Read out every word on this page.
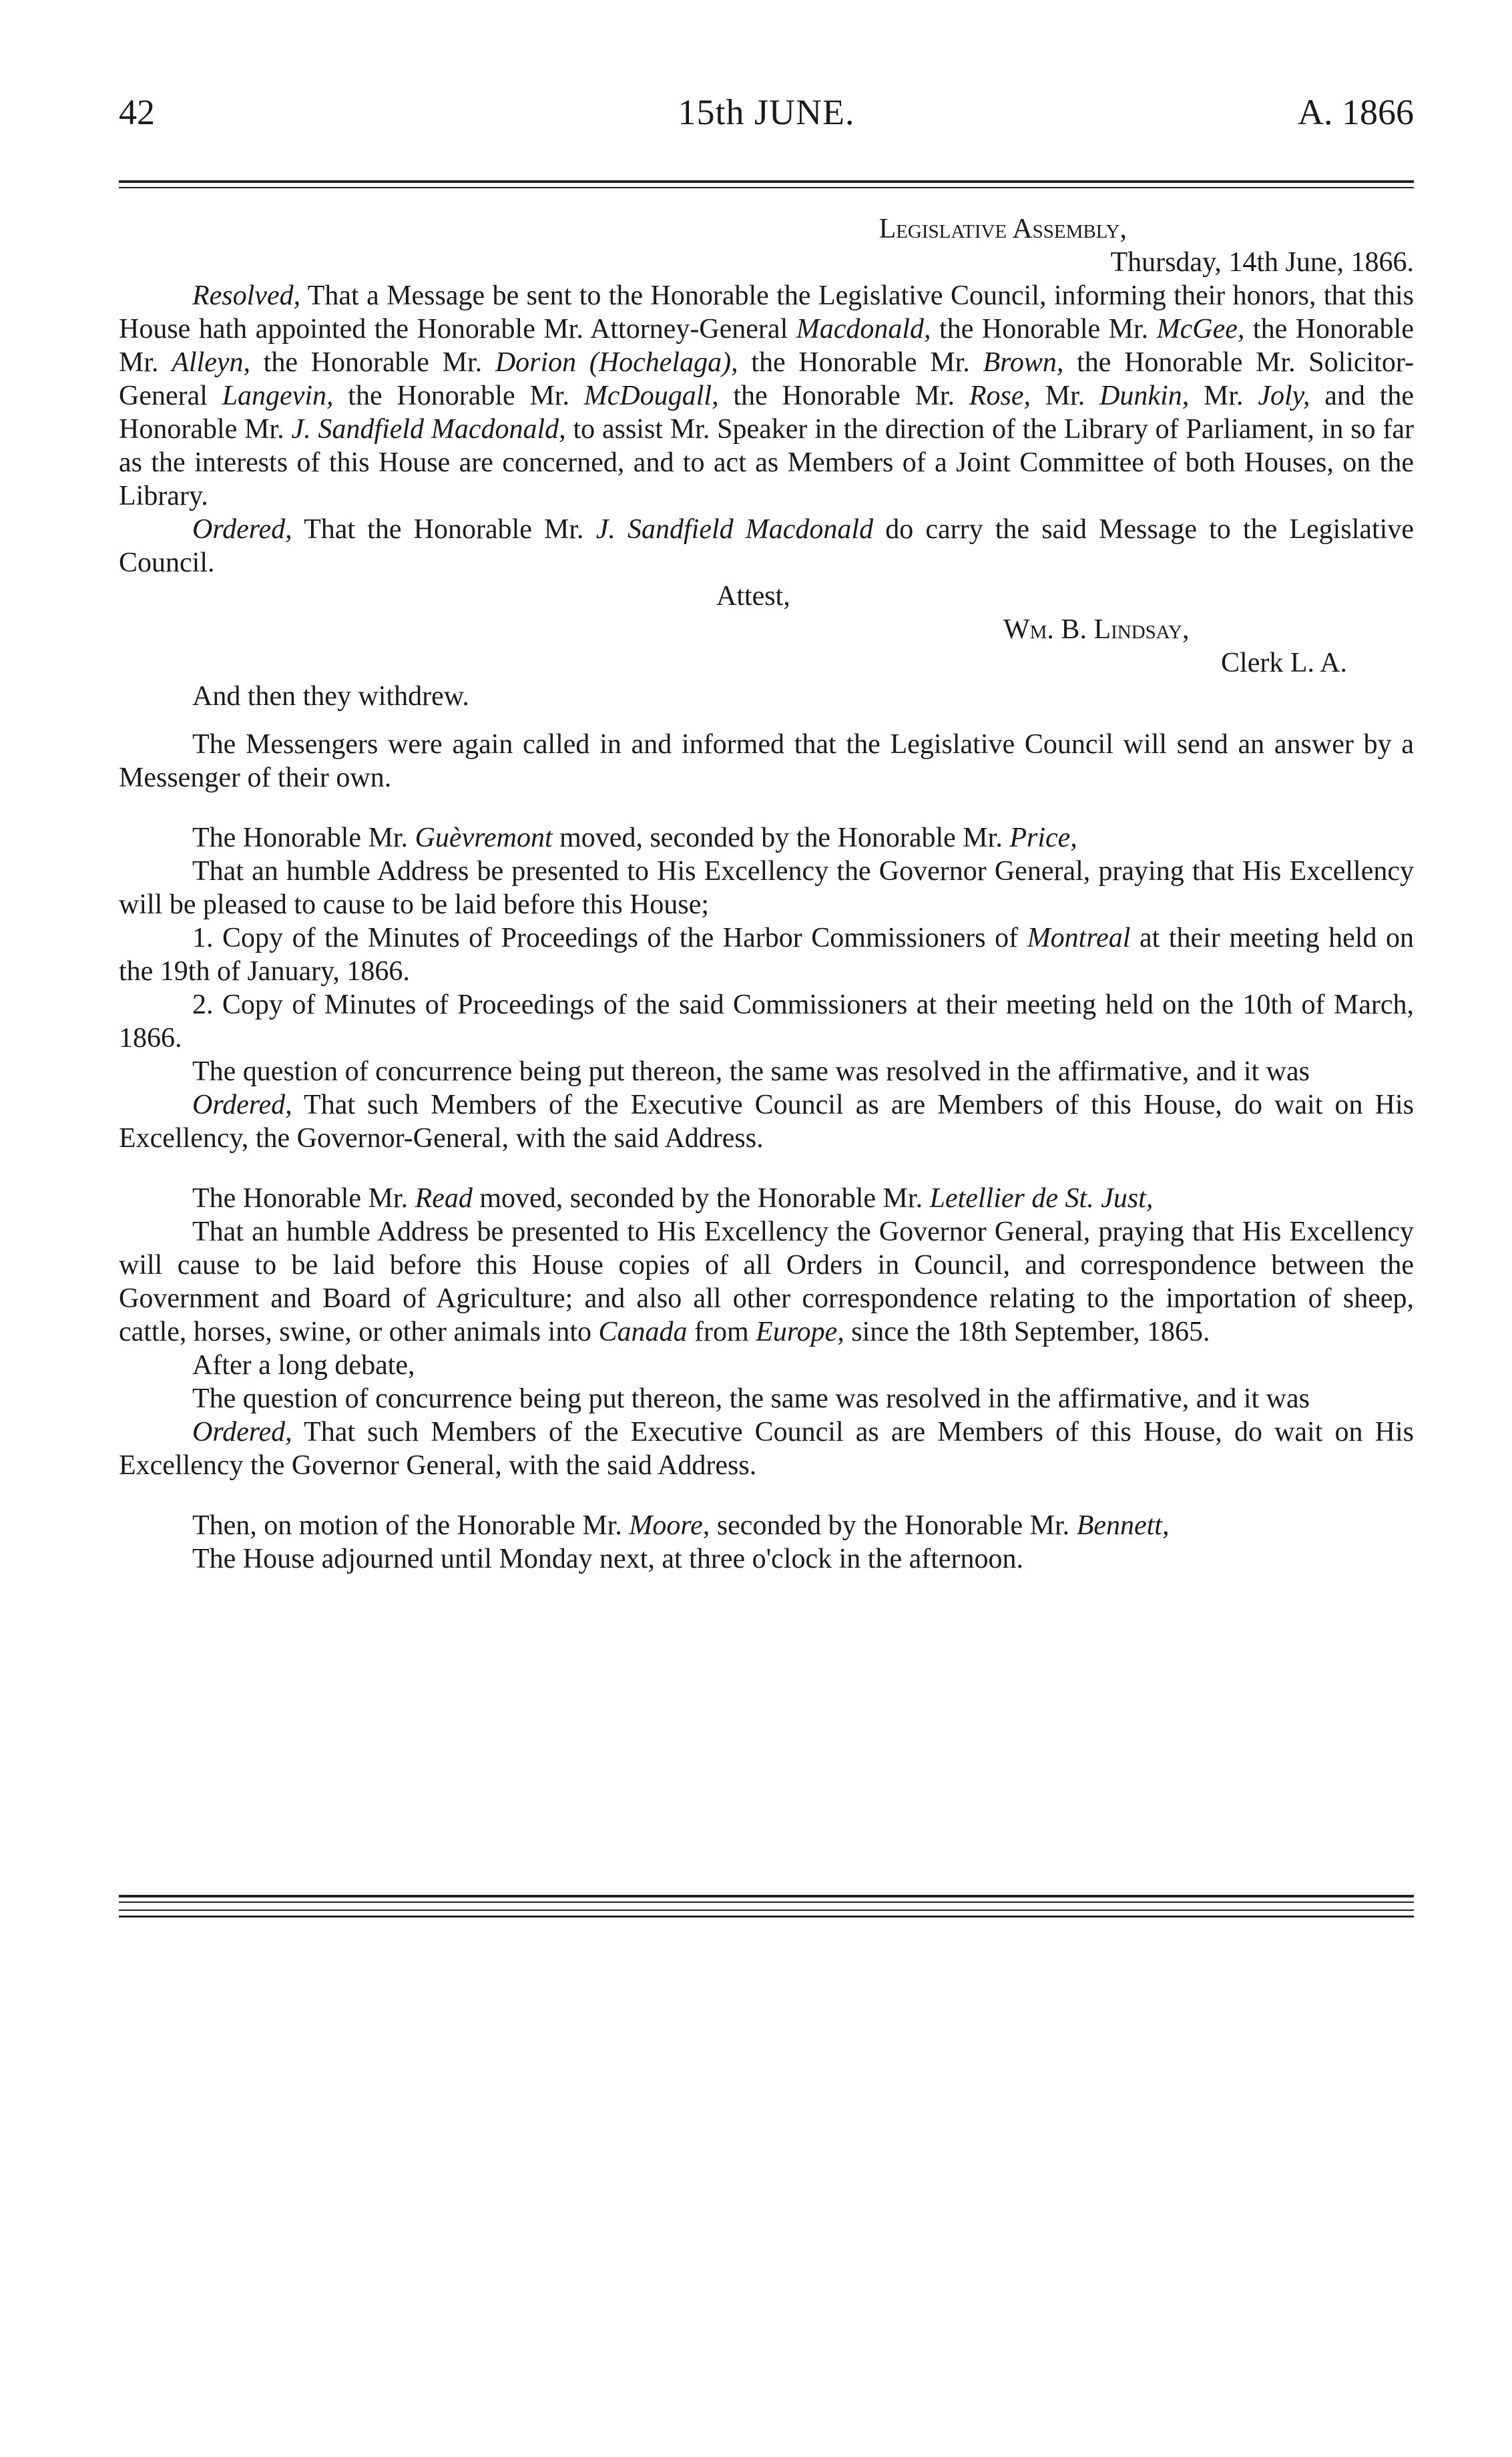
42	15th JUNE.	A. 1866

Legislative Assembly,

Thursday, 14th June, 1866.

Resolved, That a Message be sent to the Honorable the Legislative Council, informing their honors, that this House hath appointed the Honorable Mr. Attorney-General Macdonald, the Honorable Mr. McGee, the Honorable Mr. Alleyn, the Honorable Mr. Dorion (Hochelaga), the Honorable Mr. Brown, the Honorable Mr. Solicitor-General Langevin, the Honorable Mr. McDougall, the Honorable Mr. Rose, Mr. Dunkin, Mr. Joly, and the Honorable Mr. J. Sandfield Macdonald, to assist Mr. Speaker in the direction of the Library of Parliament, in so far as the interests of this House are concerned, and to act as Members of a Joint Committee of both Houses, on the Library.

Ordered, That the Honorable Mr. J. Sandfield Macdonald do carry the said Message to the Legislative Council.

Attest,

Wm. B. Lindsay,

Clerk L. A.

And then they withdrew.

The Messengers were again called in and informed that the Legislative Council will send an answer by a Messenger of their own.

The Honorable Mr. Guèvremont moved, seconded by the Honorable Mr. Price,

That an humble Address be presented to His Excellency the Governor General, praying that His Excellency will be pleased to cause to be laid before this House;

1. Copy of the Minutes of Proceedings of the Harbor Commissioners of Montreal at their meeting held on the 19th of January, 1866.

2. Copy of Minutes of Proceedings of the said Commissioners at their meeting held on the 10th of March, 1866.

The question of concurrence being put thereon, the same was resolved in the affirmative, and it was

Ordered, That such Members of the Executive Council as are Members of this House, do wait on His Excellency, the Governor-General, with the said Address.

The Honorable Mr. Read moved, seconded by the Honorable Mr. Letellier de St. Just,

That an humble Address be presented to His Excellency the Governor General, praying that His Excellency will cause to be laid before this House copies of all Orders in Council, and correspondence between the Government and Board of Agriculture; and also all other correspondence relating to the importation of sheep, cattle, horses, swine, or other animals into Canada from Europe, since the 18th September, 1865.

After a long debate,

The question of concurrence being put thereon, the same was resolved in the affirmative, and it was

Ordered, That such Members of the Executive Council as are Members of this House, do wait on His Excellency the Governor General, with the said Address.

Then, on motion of the Honorable Mr. Moore, seconded by the Honorable Mr. Bennett,

The House adjourned until Monday next, at three o'clock in the afternoon.
